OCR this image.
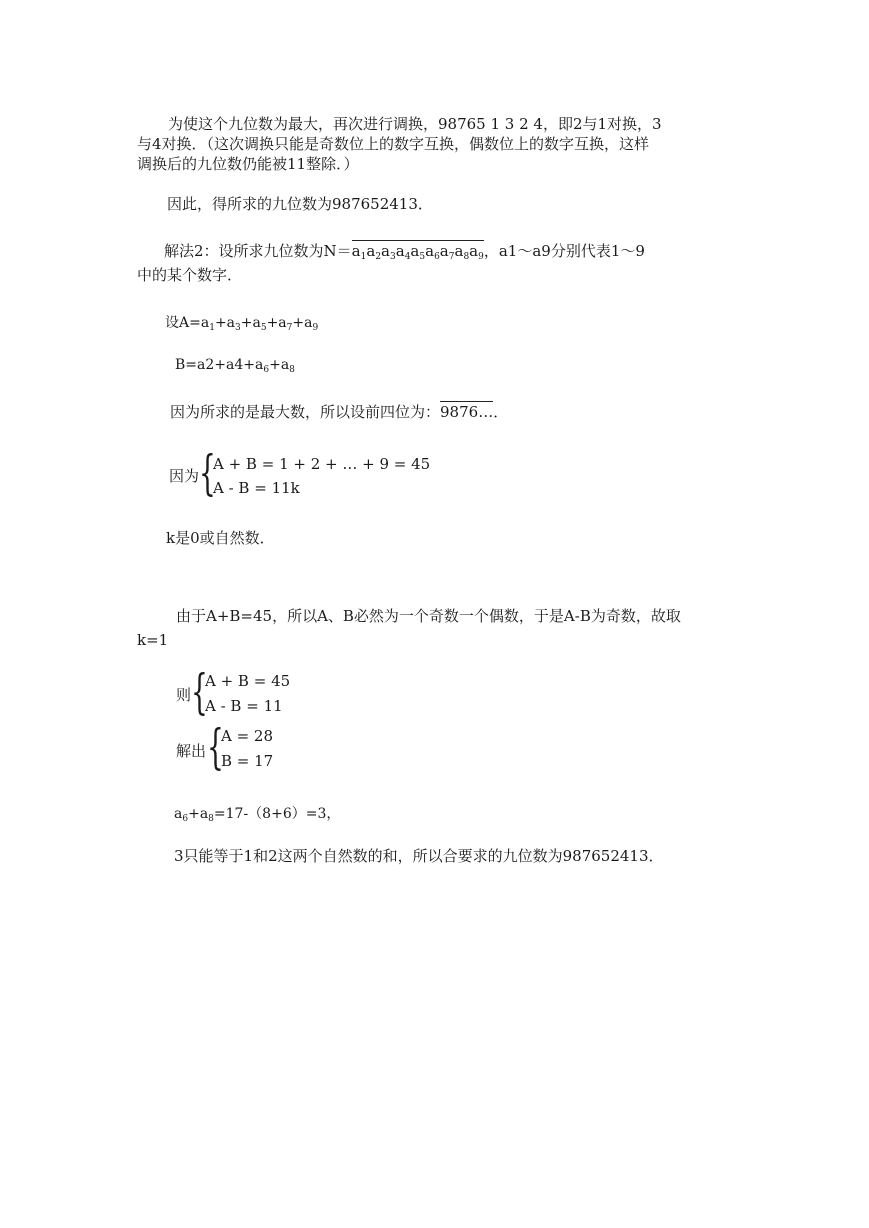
为使这个九位数为最大，再次进行调换，98765 1 3 2 4，即2与1对换，3
与4对换．（这次调换只能是奇数位上的数字互换，偶数位上的数字互换，这样
调换后的九位数仍能被11整除．）
因此，得所求的九位数为987652413．
解法2：设所求九位数为$N=a_1a_2a_3a_4a_5a_6a_7a_8a_9$，a1～a9分别代表1～9
中的某个数字．
设$A=a_1+a_3+a_5+a_7+a_9$
$B=a2+a4+a_6+a_8$
因为所求的是最大数，所以设前四位为：9876…．
因为 {
A + B = 1 + 2 + … + 9 = 45
A - B = 11k
k是0或自然数．
由于A+B=45，所以A、B必然为一个奇数一个偶数，于是A-B为奇数，故取
k=1
则 {
A + B = 45
A - B = 11
解出 {
A = 28
B = 17
$a_6+a_8=17-(8+6)=3$，
3只能等于1和2这两个自然数的和，所以合要求的九位数为987652413．
